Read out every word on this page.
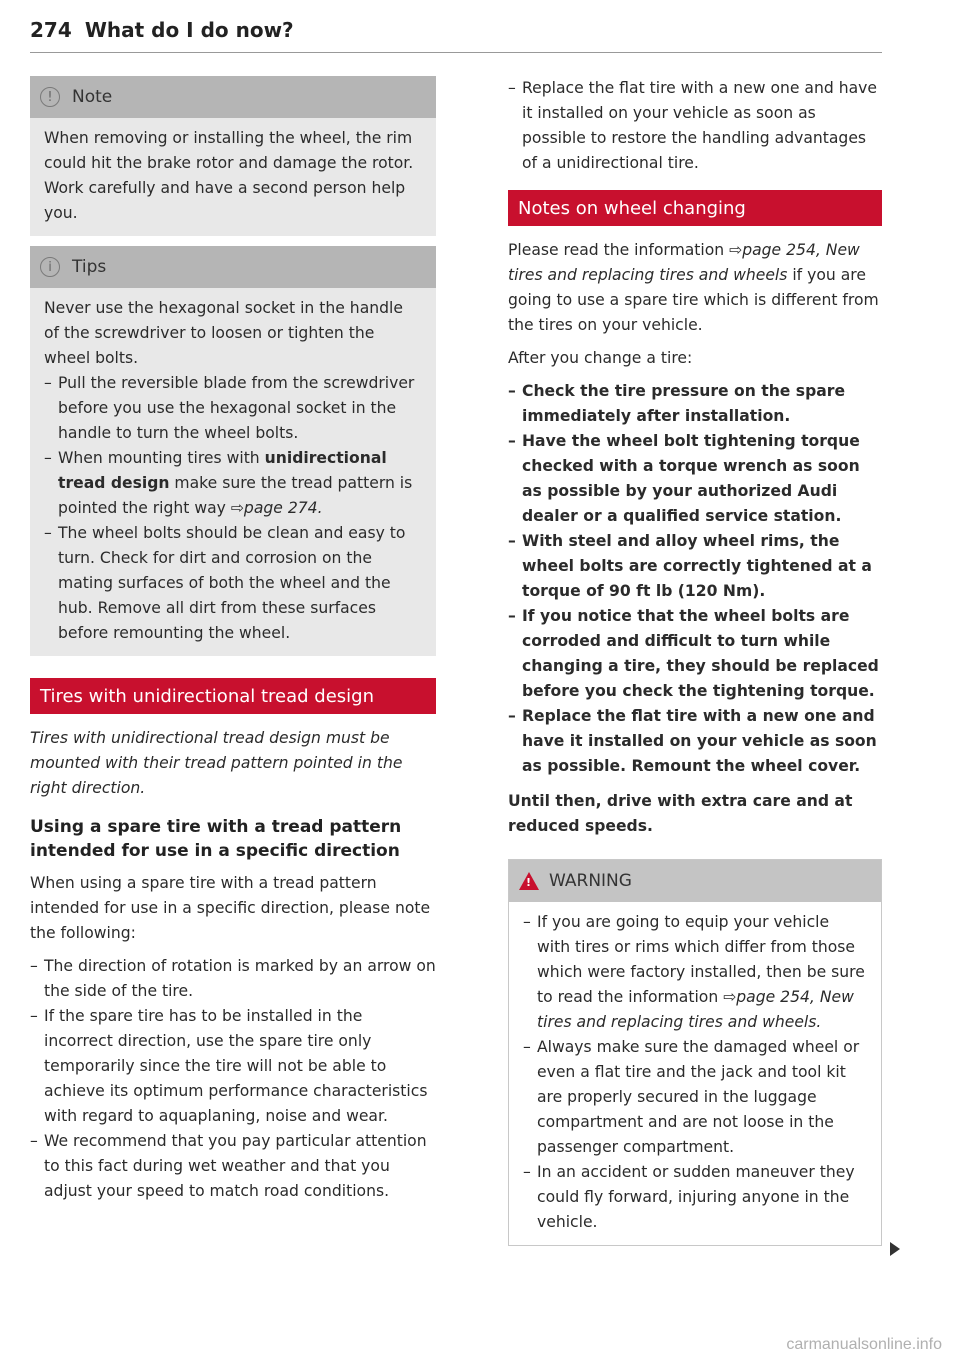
274 What do I do now?
!	Note

When removing or installing the wheel, the rim could hit the brake rotor and damage the rotor. Work carefully and have a second person help you.

i	Tips

Never use the hexagonal socket in the handle of the screwdriver to loosen or tighten the wheel bolts.

– Pull the reversible blade from the screwdriver before you use the hexagonal socket in the handle to turn the wheel bolts.
– When mounting tires with unidirectional tread design make sure the tread pattern is pointed the right way ⇨page 274.
– The wheel bolts should be clean and easy to turn. Check for dirt and corrosion on the mating surfaces of both the wheel and the hub. Remove all dirt from these surfaces before remounting the wheel.
Tires with unidirectional tread design

Tires with unidirectional tread design must be mounted with their tread pattern pointed in the right direction.

Using a spare tire with a tread pattern intended for use in a specific direction

When using a spare tire with a tread pattern intended for use in a specific direction, please note the following:

– The direction of rotation is marked by an arrow on the side of the tire.
– If the spare tire has to be installed in the incorrect direction, use the spare tire only temporarily since the tire will not be able to achieve its optimum performance characteristics with regard to aquaplaning, noise and wear.
– We recommend that you pay particular attention to this fact during wet weather and that you adjust your speed to match road conditions.
– Replace the flat tire with a new one and have it installed on your vehicle as soon as possible to restore the handling advantages of a unidirectional tire.
Notes on wheel changing

Please read the information ⇨page 254, New tires and replacing tires and wheels if you are going to use a spare tire which is different from the tires on your vehicle.

After you change a tire:

– Check the tire pressure on the spare immediately after installation.
– Have the wheel bolt tightening torque checked with a torque wrench as soon as possible by your authorized Audi dealer or a qualified service station.
– With steel and alloy wheel rims, the wheel bolts are correctly tightened at a torque of 90 ft lb (120 Nm).
– If you notice that the wheel bolts are corroded and difficult to turn while changing a tire, they should be replaced before you check the tightening torque.
– Replace the flat tire with a new one and have it installed on your vehicle as soon as possible. Remount the wheel cover.

Until then, drive with extra care and at reduced speeds.

! WARNING
– If you are going to equip your vehicle with tires or rims which differ from those which were factory installed, then be sure to read the information ⇨page 254, New tires and replacing tires and wheels.
– Always make sure the damaged wheel or even a flat tire and the jack and tool kit are properly secured in the luggage compartment and are not loose in the passenger compartment.
– In an accident or sudden maneuver they could fly forward, injuring anyone in the vehicle.
carmanualsonline.info
